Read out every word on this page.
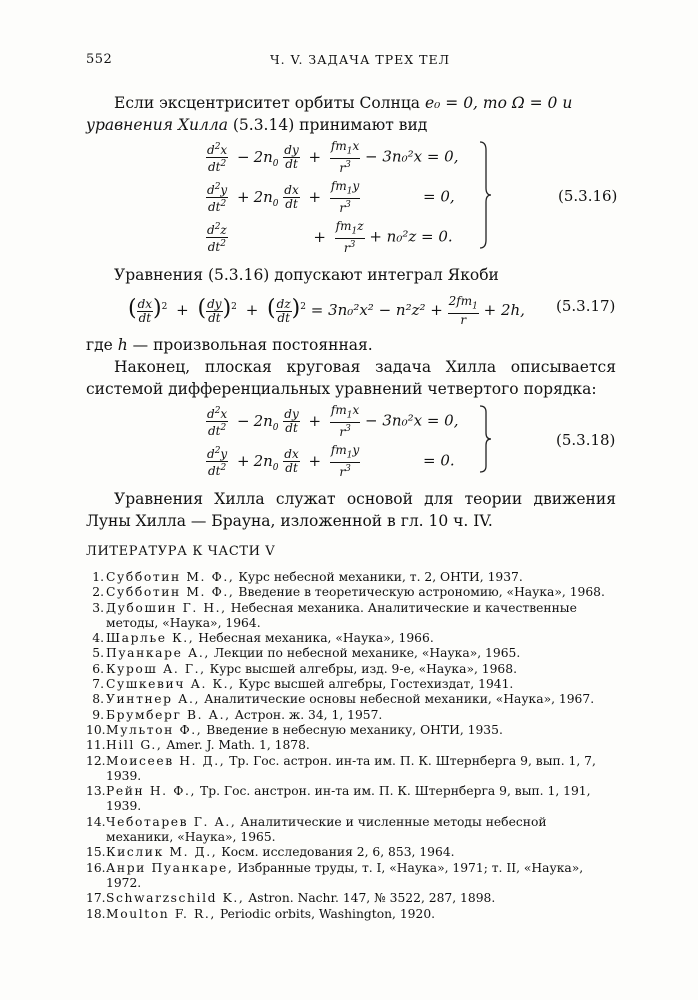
552	Ч. V. ЗАДАЧА ТРЕХ ТЕЛ
Если эксцентриситет орбиты Солнца e₀ = 0, то Ω = 0 и уравнения Хилла (5.3.14) принимают вид
$\frac{d^2x}{dt^2} - 2n_0 \frac{dy}{dt} + \frac{fm_1x}{r^3} - 3n_0^2x = 0$,
$\frac{d^2y}{dt^2} + 2n_0 \frac{dx}{dt} + \frac{fm_1y}{r^3}$	= 0,
$\frac{d^2z}{dt^2}$	+ $\frac{fm_1z}{r^3} + n_0^2z = 0$.
(5.3.16)
Уравнения (5.3.16) допускают интеграл Якоби
( $\frac{dx}{dt} )^2$ + ( $\frac{dy}{dt} )^2$ + ( $\frac{dz}{dt} )^2 = 3n_0^2x^2 - n^2z^2 + \frac{2fm_1}{r} + 2h$, (5.3.17)
где h — произвольная постоянная.
Наконец, плоская круговая задача Хилла описывается системой дифференциальных уравнений четвертого порядка:
$\frac{d^2x}{dt^2} - 2n_0 \frac{dy}{dt} + \frac{fm_1x}{r^3} - 3n_0^2x = 0$,
$\frac{d^2y}{dt^2} + 2n_0 \frac{dx}{dt} + \frac{fm_1y}{r^3}$	= 0.
(5.3.18)
Уравнения Хилла служат основой для теории движения Луны Хилла — Брауна, изложенной в гл. 10 ч. IV.
ЛИТЕРАТУРА К ЧАСТИ V
1. Субботин М. Ф., Курс небесной механики, т. 2, ОНТИ, 1937.
2. Субботин М. Ф., Введение в теоретическую астрономию, «Наука», 1968.
3. Дубошин Г. Н., Небесная механика. Аналитические и качественные методы, «Наука», 1964.
4. Шарлье К., Небесная механика, «Наука», 1966.
5. Пуанкаре А., Лекции по небесной механике, «Наука», 1965.
6. Курош А. Г., Курс высшей алгебры, изд. 9-е, «Наука», 1968.
7. Сушкевич А. К., Курс высшей алгебры, Гостехиздат, 1941.
8. Уинтнер А., Аналитические основы небесной механики, «Наука», 1967.
9. Брумберг В. А., Астрон. ж. 34, 1, 1957.
10. Мультон Ф., Введение в небесную механику, ОНТИ, 1935.
11. Hill G., Amer. J. Math. 1, 1878.
12. Моисеев Н. Д., Тр. Гос. астрон. ин-та им. П. К. Штернберга 9, вып. 1, 7, 1939.
13. Рейн Н. Ф., Тр. Гос. анстрон. ин-та им. П. К. Штернберга 9, вып. 1, 191, 1939.
14. Чеботарев Г. А., Аналитические и численные методы небесной механики, «Наука», 1965.
15. Кислик М. Д., Косм. исследования 2, 6, 853, 1964.
16. Анри Пуанкаре, Избранные труды, т. I, «Наука», 1971; т. II, «Наука», 1972.
17. Schwarzschild K., Astron. Nachr. 147, № 3522, 287, 1898.
18. Moulton F. R., Periodic orbits, Washington, 1920.
